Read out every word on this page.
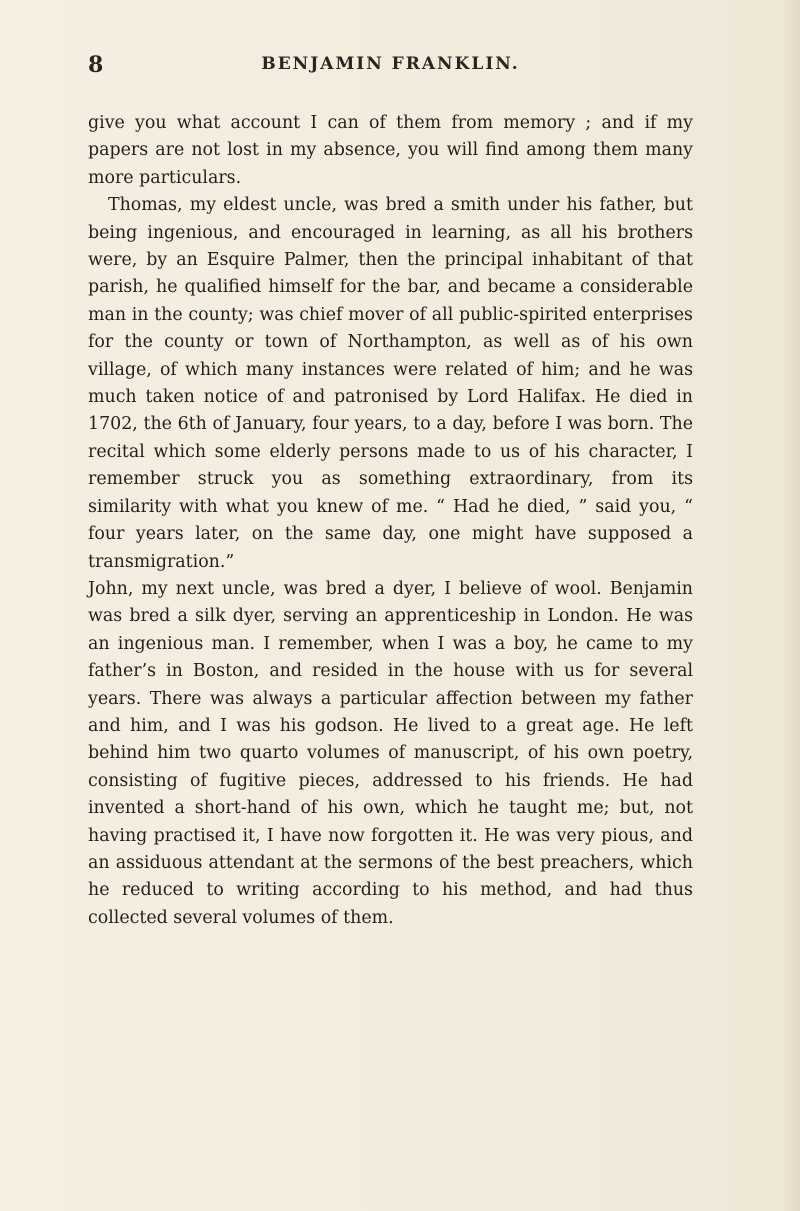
8	BENJAMIN FRANKLIN.

give you what account I can of them from memory ; and if my papers are not lost in my absence, you will find among them many more particulars.

Thomas, my eldest uncle, was bred a smith under his father, but being ingenious, and encouraged in learning, as all his brothers were, by an Esquire Palmer, then the principal inhabitant of that parish, he qualified himself for the bar, and became a considerable man in the county; was chief mover of all public-spirited enterprises for the county or town of Northampton, as well as of his own village, of which many instances were related of him; and he was much taken notice of and patronised by Lord Halifax. He died in 1702, the 6th of January, four years, to a day, before I was born. The recital which some elderly persons made to us of his character, I remember struck you as something extraordinary, from its similarity with what you knew of me. “ Had he died, ” said you, “ four years later, on the same day, one might have supposed a transmigration.”

John, my next uncle, was bred a dyer, I believe of wool. Benjamin was bred a silk dyer, serving an apprenticeship in London. He was an ingenious man. I remember, when I was a boy, he came to my father’s in Boston, and resided in the house with us for several years. There was always a particular affection between my father and him, and I was his godson. He lived to a great age. He left behind him two quarto volumes of manuscript, of his own poetry, consisting of fugitive pieces, addressed to his friends. He had invented a short-hand of his own, which he taught me; but, not having practised it, I have now forgotten it. He was very pious, and an assiduous attendant at the sermons of the best preachers, which he reduced to writing according to his method, and had thus collected several volumes of them.
